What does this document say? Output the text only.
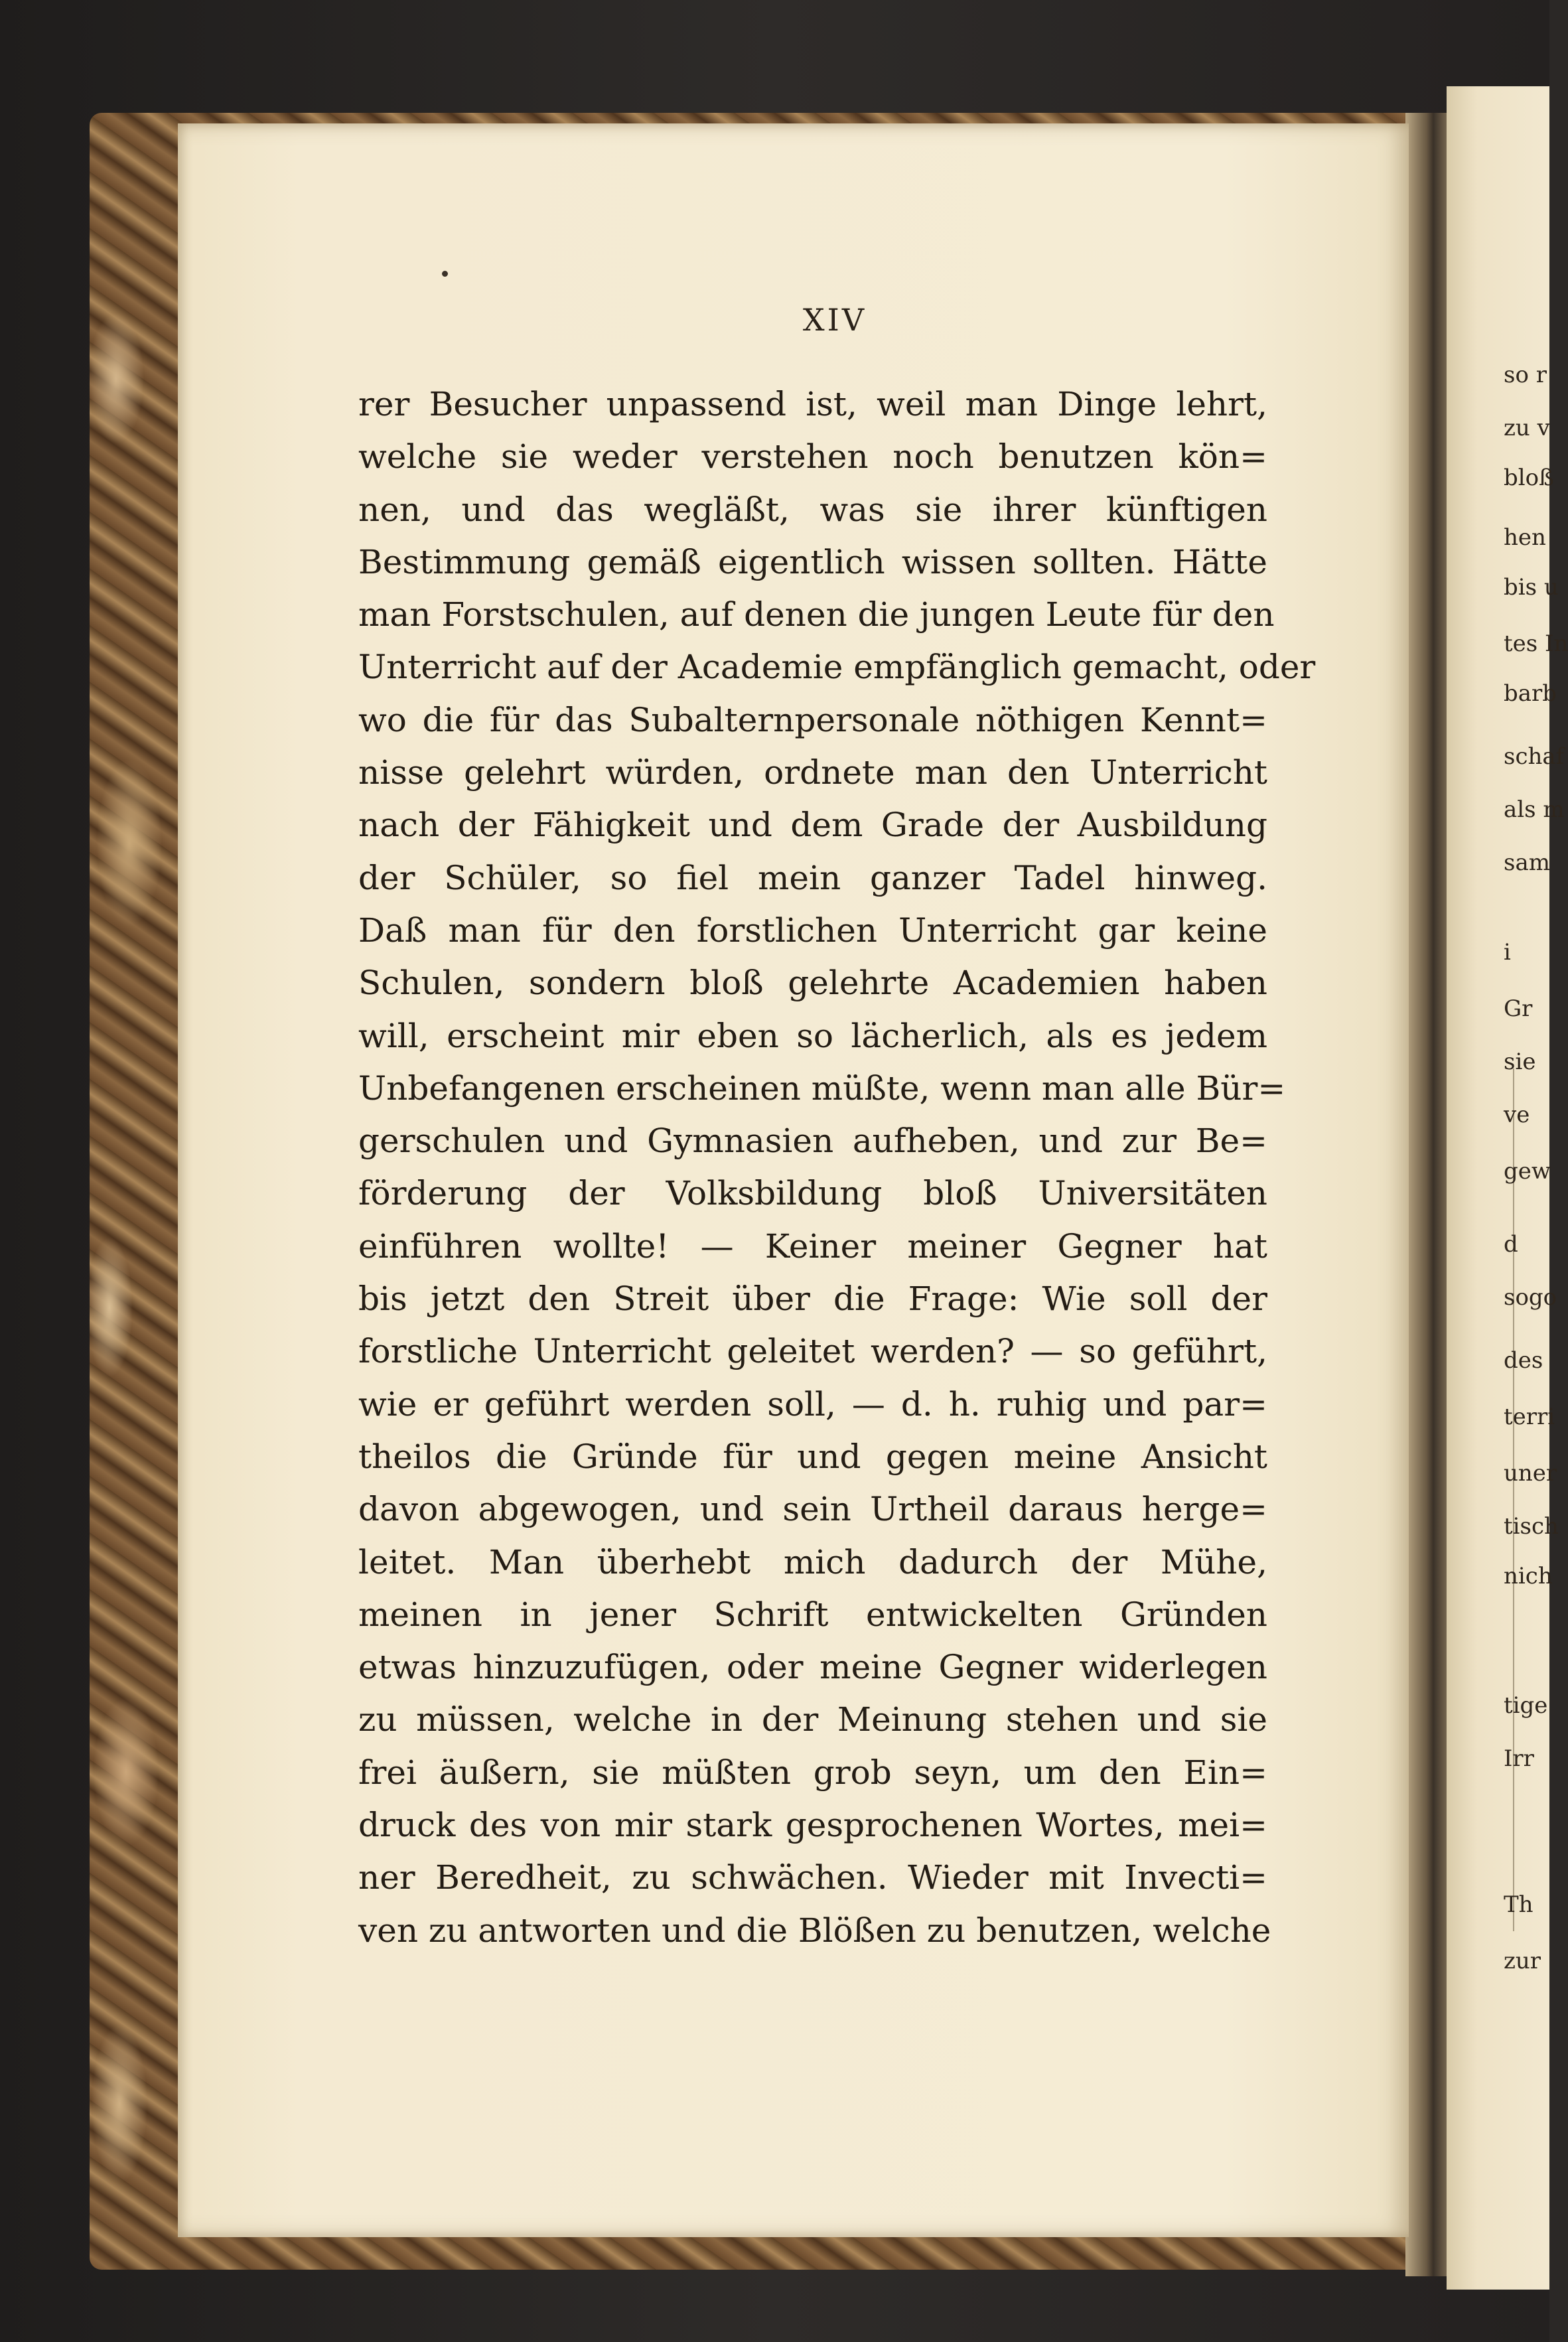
so r
zu v
bloß
hen
bis u
tes In
barb
schaf
als m
sam
i
Gr
sie
ve
gew
d
sogo
des
terri
uner
tisch
nich
tige
Irr
Th
zur
XIV
rer Besucher unpassend ist, weil man Dinge lehrt,
welche sie weder verstehen noch benutzen kön=
nen, und das wegläßt, was sie ihrer künftigen
Bestimmung gemäß eigentlich wissen sollten. Hätte
man Forstschulen, auf denen die jungen Leute für den
Unterricht auf der Academie empfänglich gemacht, oder
wo die für das Subalternpersonale nöthigen Kennt=
nisse gelehrt würden, ordnete man den Unterricht
nach der Fähigkeit und dem Grade der Ausbildung
der Schüler, so fiel mein ganzer Tadel hinweg.
Daß man für den forstlichen Unterricht gar keine
Schulen, sondern bloß gelehrte Academien haben
will, erscheint mir eben so lächerlich, als es jedem
Unbefangenen erscheinen müßte, wenn man alle Bür=
gerschulen und Gymnasien aufheben, und zur Be=
förderung der Volksbildung bloß Universitäten
einführen wollte! — Keiner meiner Gegner hat
bis jetzt den Streit über die Frage: Wie soll der
forstliche Unterricht geleitet werden? — so geführt,
wie er geführt werden soll, — d. h. ruhig und par=
theilos die Gründe für und gegen meine Ansicht
davon abgewogen, und sein Urtheil daraus herge=
leitet. Man überhebt mich dadurch der Mühe,
meinen in jener Schrift entwickelten Gründen
etwas hinzuzufügen, oder meine Gegner widerlegen
zu müssen, welche in der Meinung stehen und sie
frei äußern, sie müßten grob seyn, um den Ein=
druck des von mir stark gesprochenen Wortes, mei=
ner Beredheit, zu schwächen. Wieder mit Invecti=
ven zu antworten und die Blößen zu benutzen, welche
